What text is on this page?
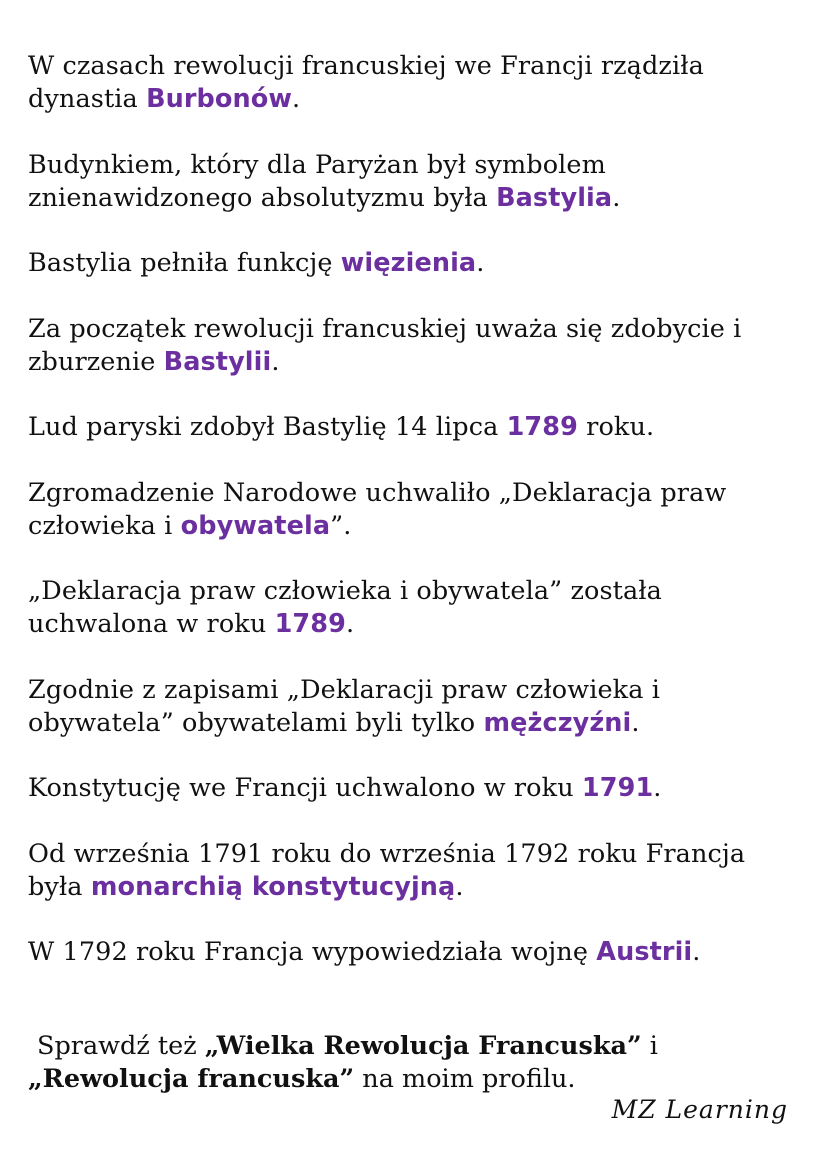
W czasach rewolucji francuskiej we Francji rządziła
dynastia Burbonów.

Budynkiem, który dla Paryżan był symbolem
znienawidzonego absolutyzmu była Bastylia.

Bastylia pełniła funkcję więzienia.

Za początek rewolucji francuskiej uważa się zdobycie i
zburzenie Bastylii.

Lud paryski zdobył Bastylię 14 lipca 1789 roku.

Zgromadzenie Narodowe uchwaliło „Deklaracja praw
człowieka i obywatela”.

„Deklaracja praw człowieka i obywatela” została
uchwalona w roku 1789.

Zgodnie z zapisami „Deklaracji praw człowieka i
obywatela” obywatelami byli tylko mężczyźni.

Konstytucję we Francji uchwalono w roku 1791.

Od września 1791 roku do września 1792 roku Francja
była monarchią konstytucyjną.

W 1792 roku Francja wypowiedziała wojnę Austrii.

Sprawdź też „Wielka Rewolucja Francuska” i
„Rewolucja francuska” na moim profilu.
MZ Learning
